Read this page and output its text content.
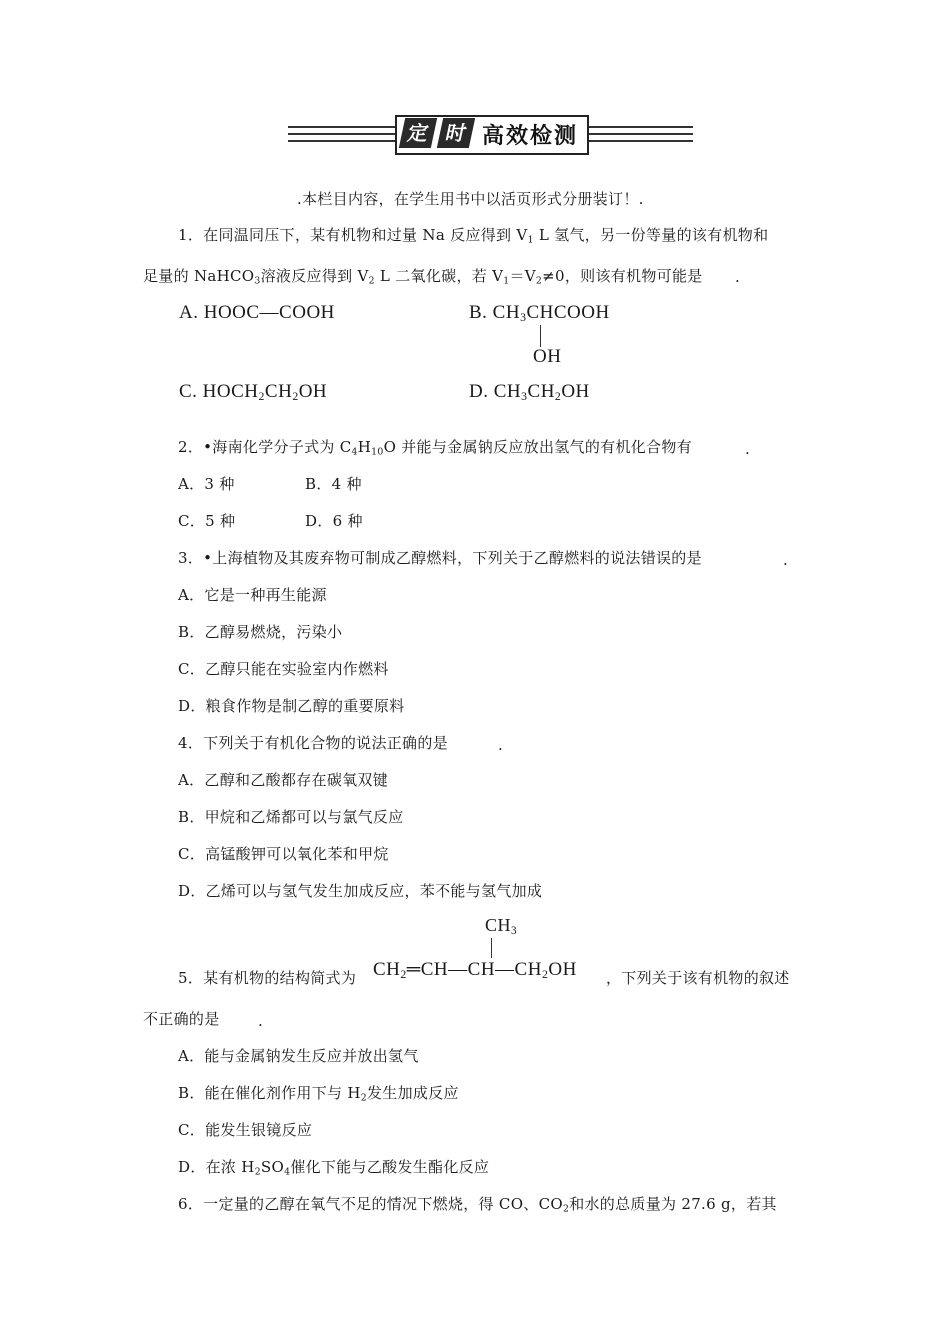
定 时 高效检测
.本栏目内容，在学生用书中以活页形式分册装订！.
1．在同温同压下，某有机物和过量 Na 反应得到 $V_1$ L 氢气，另一份等量的该有机物和
足量的 NaHCO$_3$溶液反应得到 $V_2$ L 二氧化碳，若 $V_1=V_2\ne 0$，则该有机物可能是 .
A. HOOC—COOH	B. $CH_3CHCOOH$
OH
C. $HOCH_2CH_2OH$	D. $CH_3CH_2OH$
2．•海南化学分子式为 $C_4H_{10}O$ 并能与金属钠反应放出氢气的有机化合物有	.
A．3 种	B．4 种
C．5 种	D．6 种
3．•上海植物及其废弃物可制成乙醇燃料，下列关于乙醇燃料的说法错误的是	.
A．它是一种再生能源
B．乙醇易燃烧，污染小
C．乙醇只能在实验室内作燃料
D．粮食作物是制乙醇的重要原料
4．下列关于有机化合物的说法正确的是	.
A．乙醇和乙酸都存在碳氧双键
B．甲烷和乙烯都可以与氯气反应
C．高锰酸钾可以氧化苯和甲烷
D．乙烯可以与氢气发生加成反应，苯不能与氢气加成
$CH_3$
5．某有机物的结构简式为 $CH_2═CH—CH—CH_2OH$ ，下列关于该有机物的叙述
不正确的是	.
A．能与金属钠发生反应并放出氢气
B．能在催化剂作用下与 $H_2$发生加成反应
C．能发生银镜反应
D．在浓 $H_2SO_4$催化下能与乙酸发生酯化反应
6．一定量的乙醇在氧气不足的情况下燃烧，得 CO、$CO_2$和水的总质量为 27.6 g，若其
